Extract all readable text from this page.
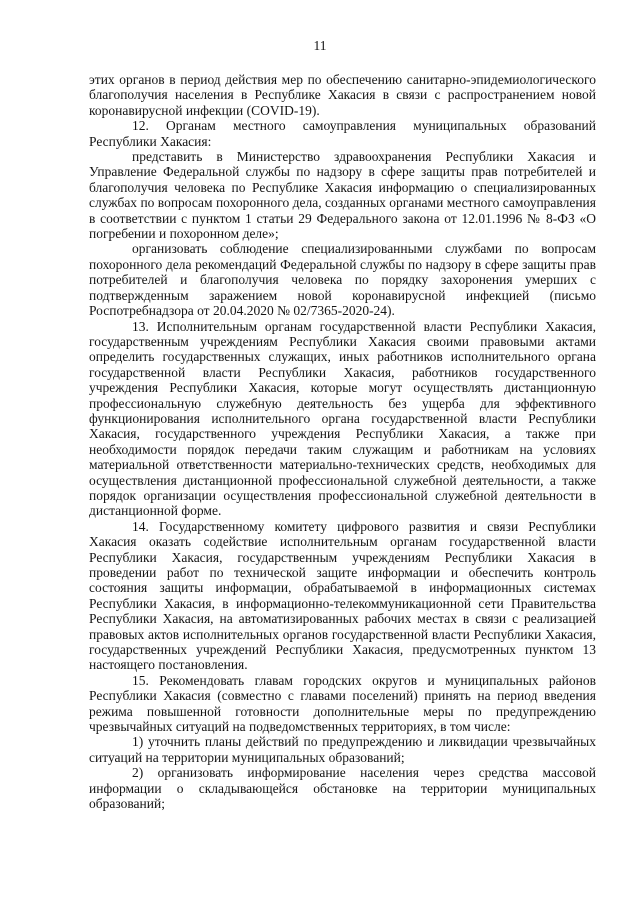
11

этих органов в период действия мер по обеспечению санитарно-эпидемиологического благополучия населения в Республике Хакасия в связи с распространением новой коронавирусной инфекции (COVID-19).

12. Органам местного самоуправления муниципальных образований Республики Хакасия:

представить в Министерство здравоохранения Республики Хакасия и Управление Федеральной службы по надзору в сфере защиты прав потребителей и благополучия человека по Республике Хакасия информацию о специализированных службах по вопросам похоронного дела, созданных органами местного самоуправления в соответствии с пунктом 1 статьи 29 Федерального закона от 12.01.1996 № 8-ФЗ «О погребении и похоронном деле»;

организовать соблюдение специализированными службами по вопросам похоронного дела рекомендаций Федеральной службы по надзору в сфере защиты прав потребителей и благополучия человека по порядку захоронения умерших с подтвержденным заражением новой коронавирусной инфекцией (письмо Роспотребнадзора от 20.04.2020 № 02/7365-2020-24).

13. Исполнительным органам государственной власти Республики Хакасия, государственным учреждениям Республики Хакасия своими правовыми актами определить государственных служащих, иных работников исполнительного органа государственной власти Республики Хакасия, работников государственного учреждения Республики Хакасия, которые могут осуществлять дистанционную профессиональную служебную деятельность без ущерба для эффективного функционирования исполнительного органа государственной власти Республики Хакасия, государственного учреждения Республики Хакасия, а также при необходимости порядок передачи таким служащим и работникам на условиях материальной ответственности материально-технических средств, необходимых для осуществления дистанционной профессиональной служебной деятельности, а также порядок организации осуществления профессиональной служебной деятельности в дистанционной форме.

14. Государственному комитету цифрового развития и связи Республики Хакасия оказать содействие исполнительным органам государственной власти Республики Хакасия, государственным учреждениям Республики Хакасия в проведении работ по технической защите информации и обеспечить контроль состояния защиты информации, обрабатываемой в информационных системах Республики Хакасия, в информационно-телекоммуникационной сети Правительства Республики Хакасия, на автоматизированных рабочих местах в связи с реализацией правовых актов исполнительных органов государственной власти Республики Хакасия, государственных учреждений Республики Хакасия, предусмотренных пунктом 13 настоящего постановления.

15. Рекомендовать главам городских округов и муниципальных районов Республики Хакасия (совместно с главами поселений) принять на период введения режима повышенной готовности дополнительные меры по предупреждению чрезвычайных ситуаций на подведомственных территориях, в том числе:

1) уточнить планы действий по предупреждению и ликвидации чрезвычайных ситуаций на территории муниципальных образований;

2) организовать информирование населения через средства массовой информации о складывающейся обстановке на территории муниципальных образований;
